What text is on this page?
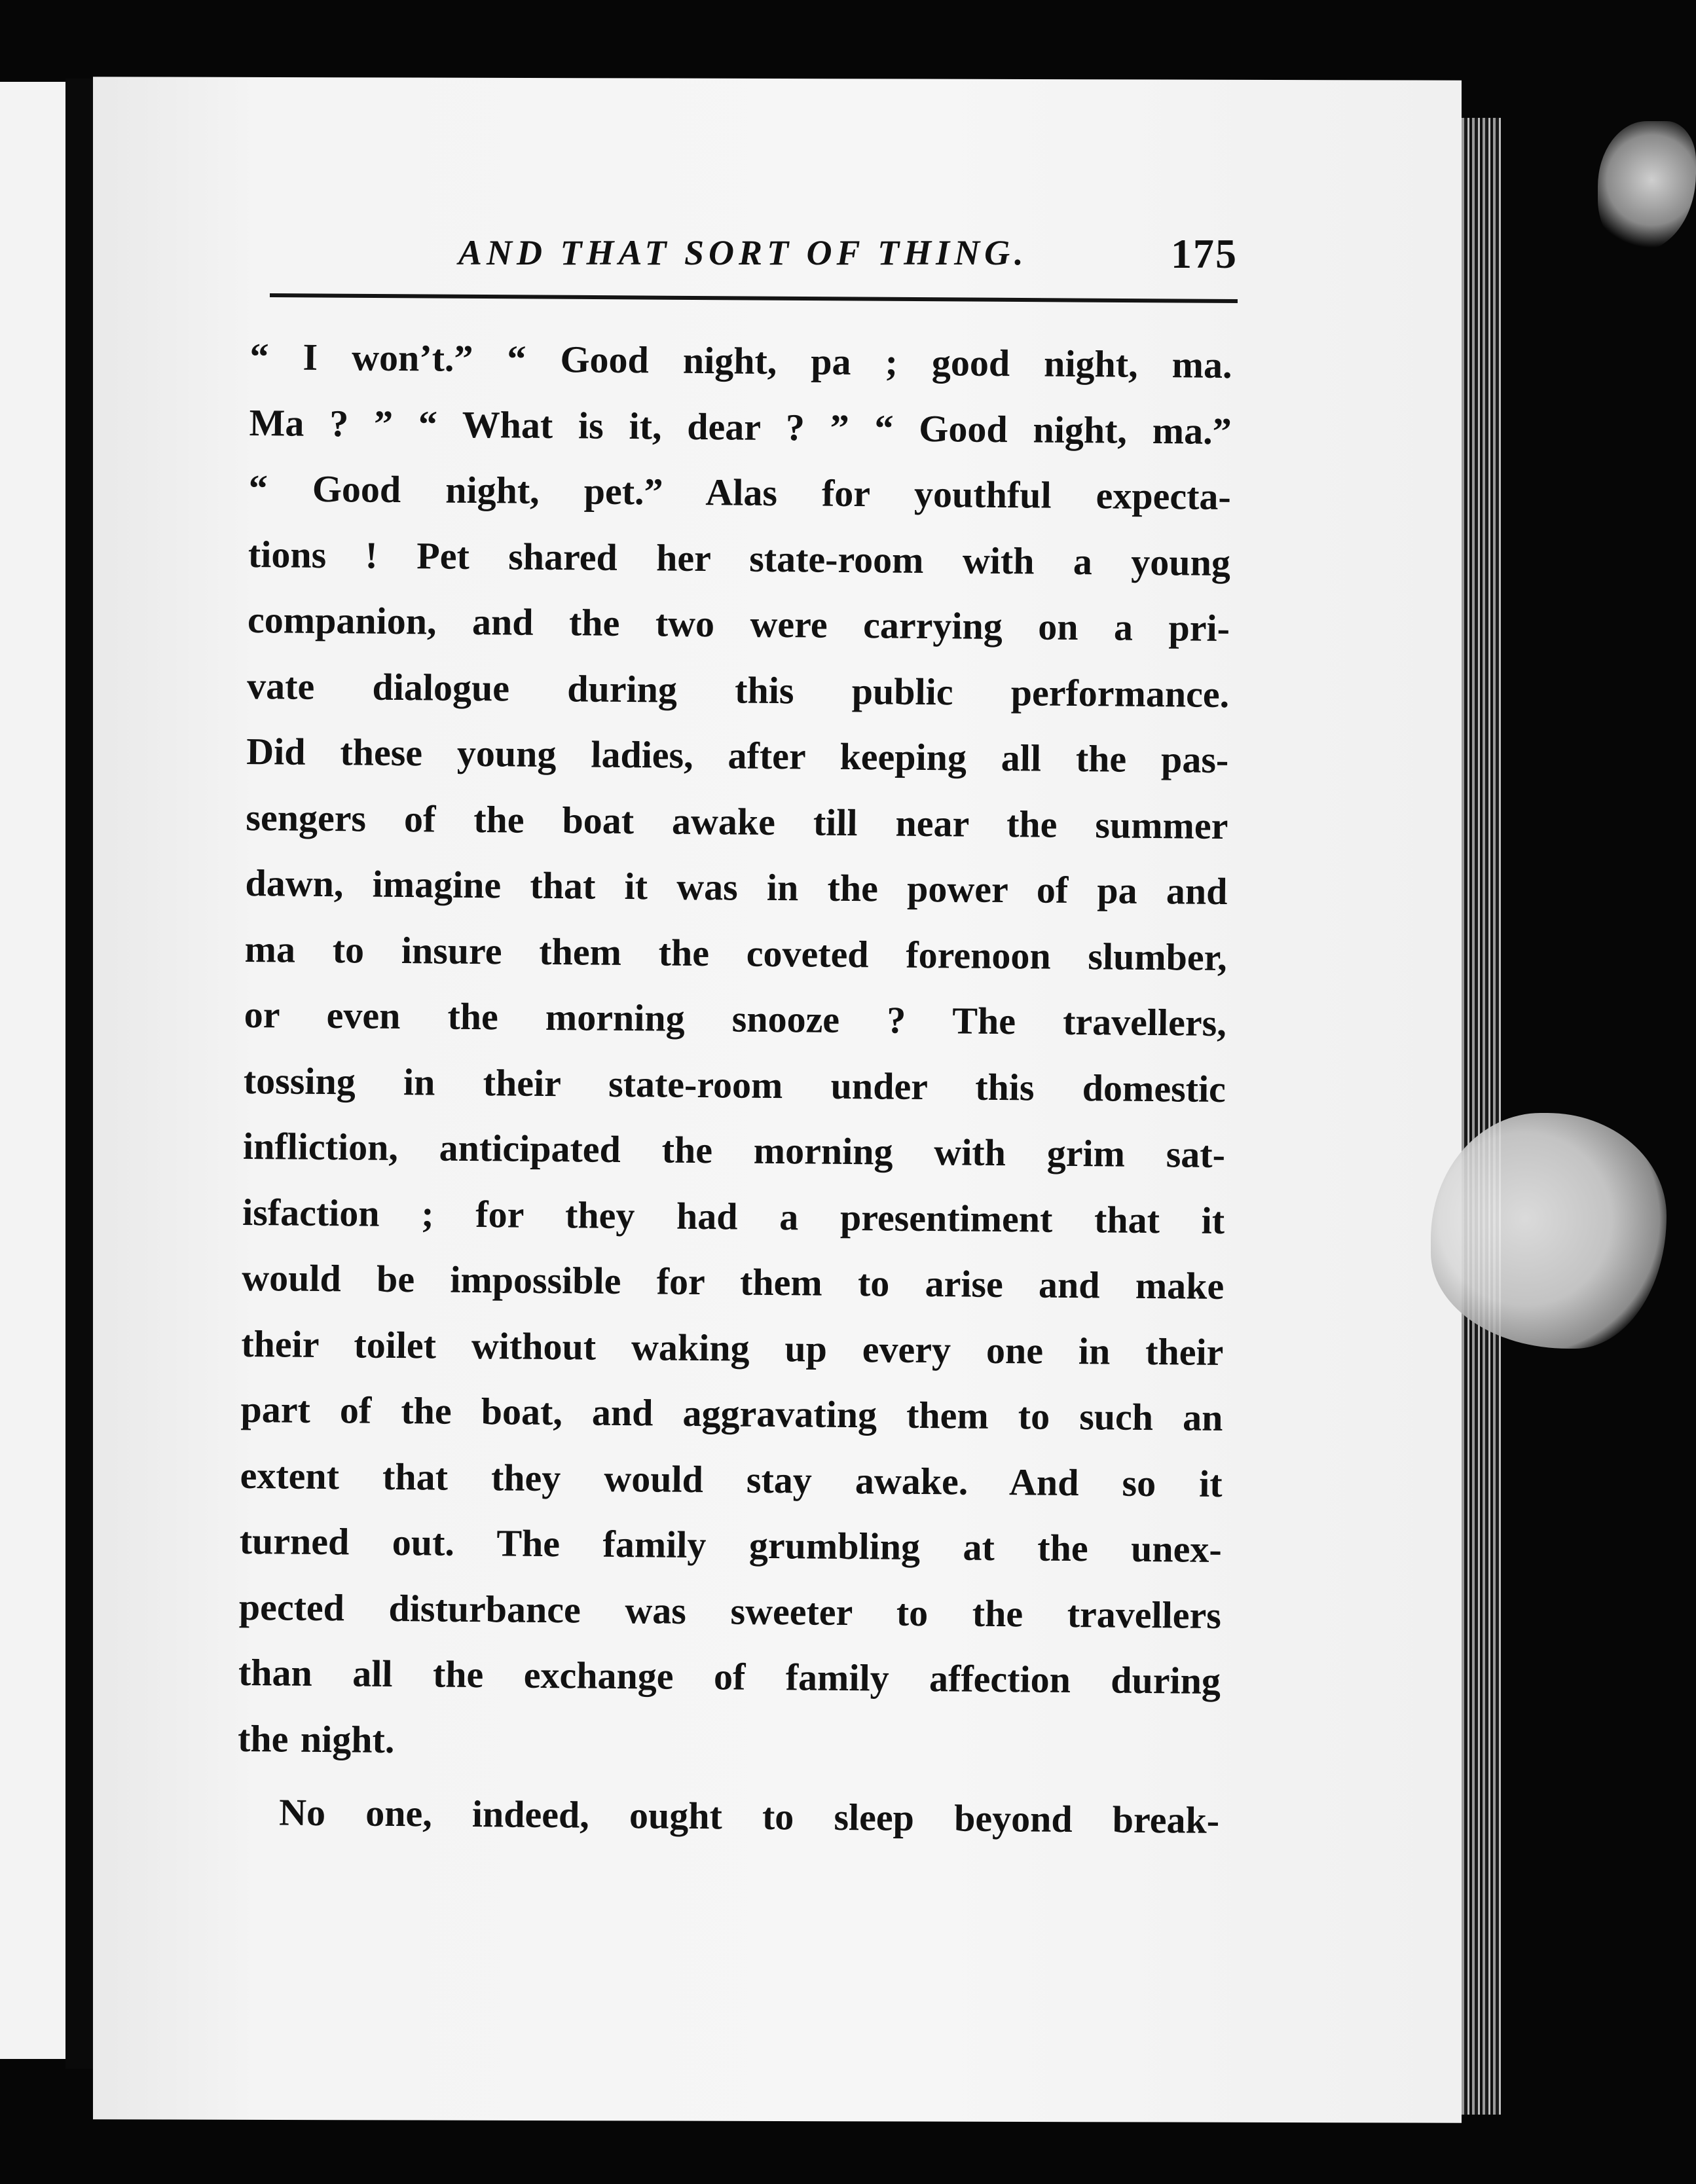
AND THAT SORT OF THING.	175
“ I won’t.” “ Good night, pa ; good night, ma.
Ma ? ” “ What is it, dear ? ” “ Good night, ma.”
“ Good night, pet.” Alas for youthful expecta-
tions ! Pet shared her state-room with a young
companion, and the two were carrying on a pri-
vate dialogue during this public performance.
Did these young ladies, after keeping all the pas-
sengers of the boat awake till near the summer
dawn, imagine that it was in the power of pa and
ma to insure them the coveted forenoon slumber,
or even the morning snooze ? The travellers,
tossing in their state-room under this domestic
infliction, anticipated the morning with grim sat-
isfaction ; for they had a presentiment that it
would be impossible for them to arise and make
their toilet without waking up every one in their
part of the boat, and aggravating them to such an
extent that they would stay awake. And so it
turned out. The family grumbling at the unex-
pected disturbance was sweeter to the travellers
than all the exchange of family affection during
the night.
No one, indeed, ought to sleep beyond break-
